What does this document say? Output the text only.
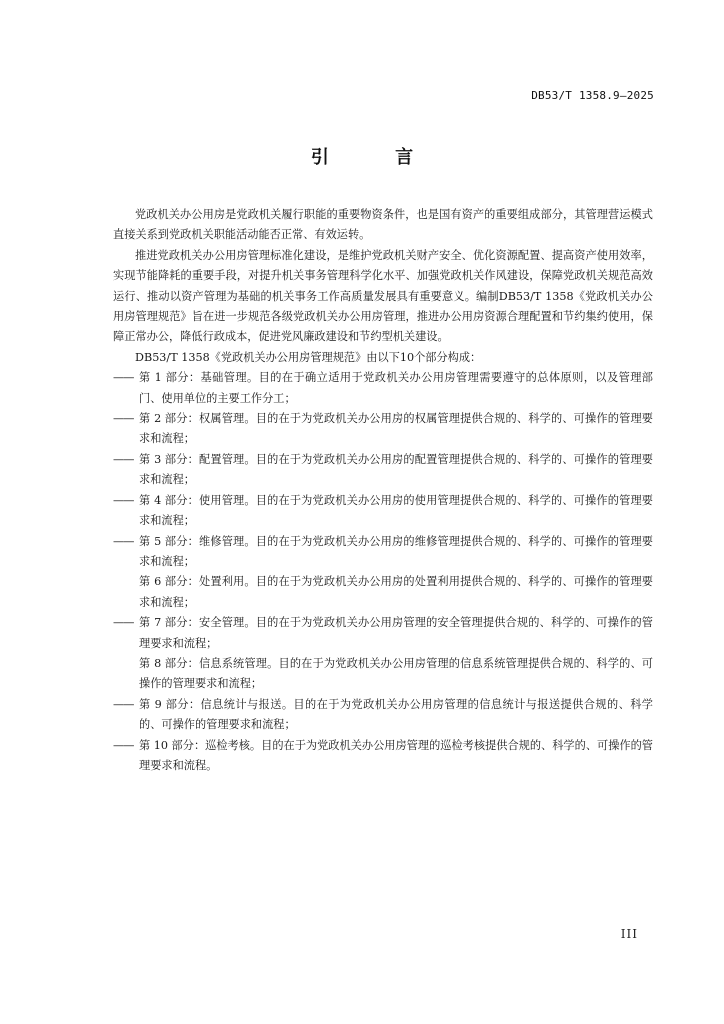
DB53/T 1358.9—2025
引 言

党政机关办公用房是党政机关履行职能的重要物资条件，也是国有资产的重要组成部分，其管理营运模式直接关系到党政机关职能活动能否正常、有效运转。

推进党政机关办公用房管理标准化建设，是维护党政机关财产安全、优化资源配置、提高资产使用效率，实现节能降耗的重要手段，对提升机关事务管理科学化水平、加强党政机关作风建设，保障党政机关规范高效运行、推动以资产管理为基础的机关事务工作高质量发展具有重要意义。编制DB53/T 1358《党政机关办公用房管理规范》旨在进一步规范各级党政机关办公用房管理，推进办公用房资源合理配置和节约集约使用，保障正常办公，降低行政成本，促进党风廉政建设和节约型机关建设。

DB53/T 1358《党政机关办公用房管理规范》由以下10个部分构成：

—— 第 1 部分：基础管理。目的在于确立适用于党政机关办公用房管理需要遵守的总体原则，以及管理部门、使用单位的主要工作分工；
—— 第 2 部分：权属管理。目的在于为党政机关办公用房的权属管理提供合规的、科学的、可操作的管理要求和流程；
—— 第 3 部分：配置管理。目的在于为党政机关办公用房的配置管理提供合规的、科学的、可操作的管理要求和流程；
—— 第 4 部分：使用管理。目的在于为党政机关办公用房的使用管理提供合规的、科学的、可操作的管理要求和流程；
—— 第 5 部分：维修管理。目的在于为党政机关办公用房的维修管理提供合规的、科学的、可操作的管理要求和流程；
第 6 部分：处置利用。目的在于为党政机关办公用房的处置利用提供合规的、科学的、可操作的管理要求和流程；
—— 第 7 部分：安全管理。目的在于为党政机关办公用房管理的安全管理提供合规的、科学的、可操作的管理要求和流程；
第 8 部分：信息系统管理。目的在于为党政机关办公用房管理的信息系统管理提供合规的、科学的、可操作的管理要求和流程；
—— 第 9 部分：信息统计与报送。目的在于为党政机关办公用房管理的信息统计与报送提供合规的、科学的、可操作的管理要求和流程；
—— 第 10 部分：巡检考核。目的在于为党政机关办公用房管理的巡检考核提供合规的、科学的、可操作的管理要求和流程。
III
